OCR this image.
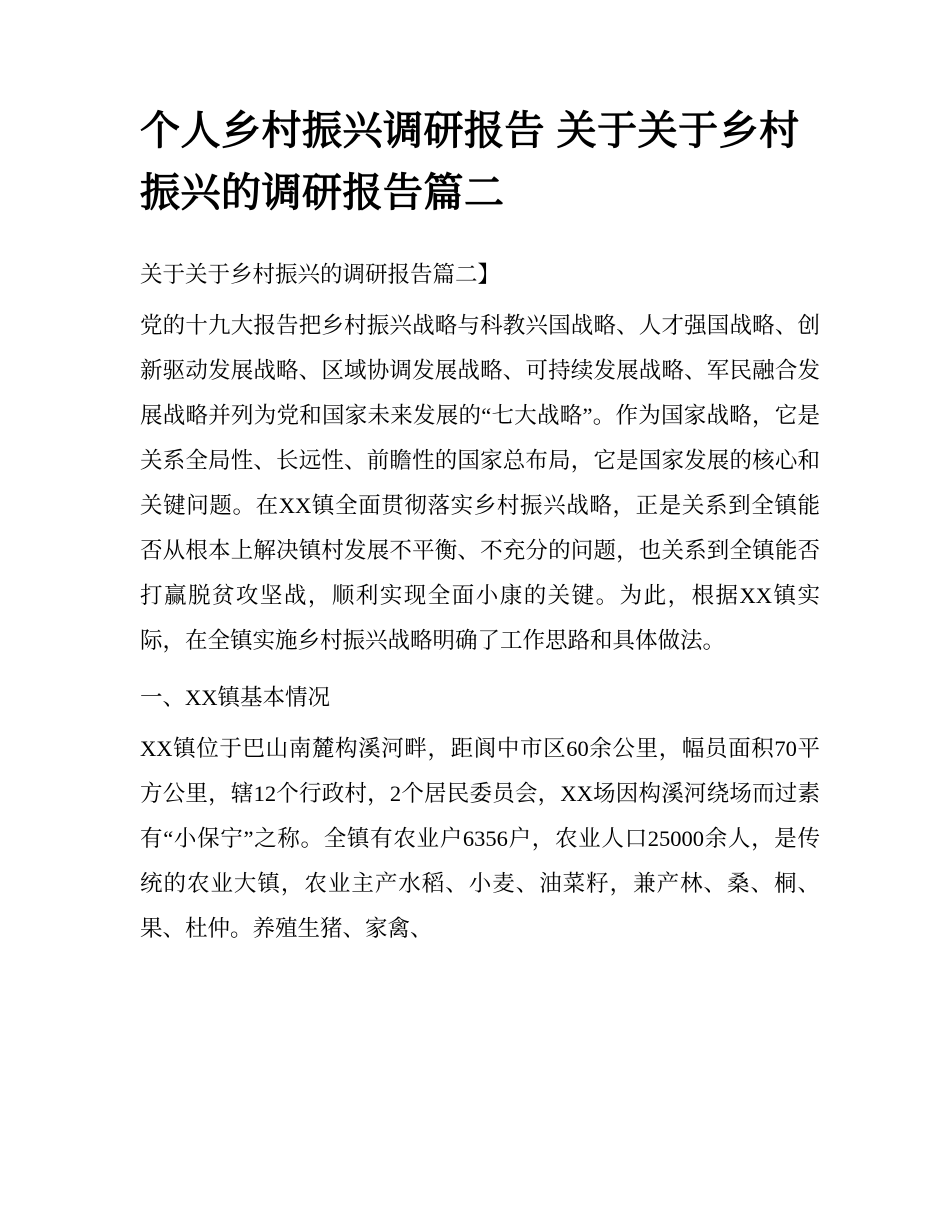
个人乡村振兴调研报告 关于关于乡村振兴的调研报告篇二

关于关于乡村振兴的调研报告篇二】

党的十九大报告把乡村振兴战略与科教兴国战略、人才强国战略、创新驱动发展战略、区域协调发展战略、可持续发展战略、军民融合发展战略并列为党和国家未来发展的“七大战略”。作为国家战略，它是关系全局性、长远性、前瞻性的国家总布局，它是国家发展的核心和关键问题。在XX镇全面贯彻落实乡村振兴战略，正是关系到全镇能否从根本上解决镇村发展不平衡、不充分的问题，也关系到全镇能否打赢脱贫攻坚战，顺利实现全面小康的关键。为此，根据XX镇实际，在全镇实施乡村振兴战略明确了工作思路和具体做法。

一、XX镇基本情况

XX镇位于巴山南麓构溪河畔，距阆中市区60余公里，幅员面积70平方公里，辖12个行政村，2个居民委员会，XX场因构溪河绕场而过素有“小保宁”之称。全镇有农业户6356户，农业人口25000余人，是传统的农业大镇，农业主产水稻、小麦、油菜籽，兼产林、桑、桐、果、杜仲。养殖生猪、家禽、
